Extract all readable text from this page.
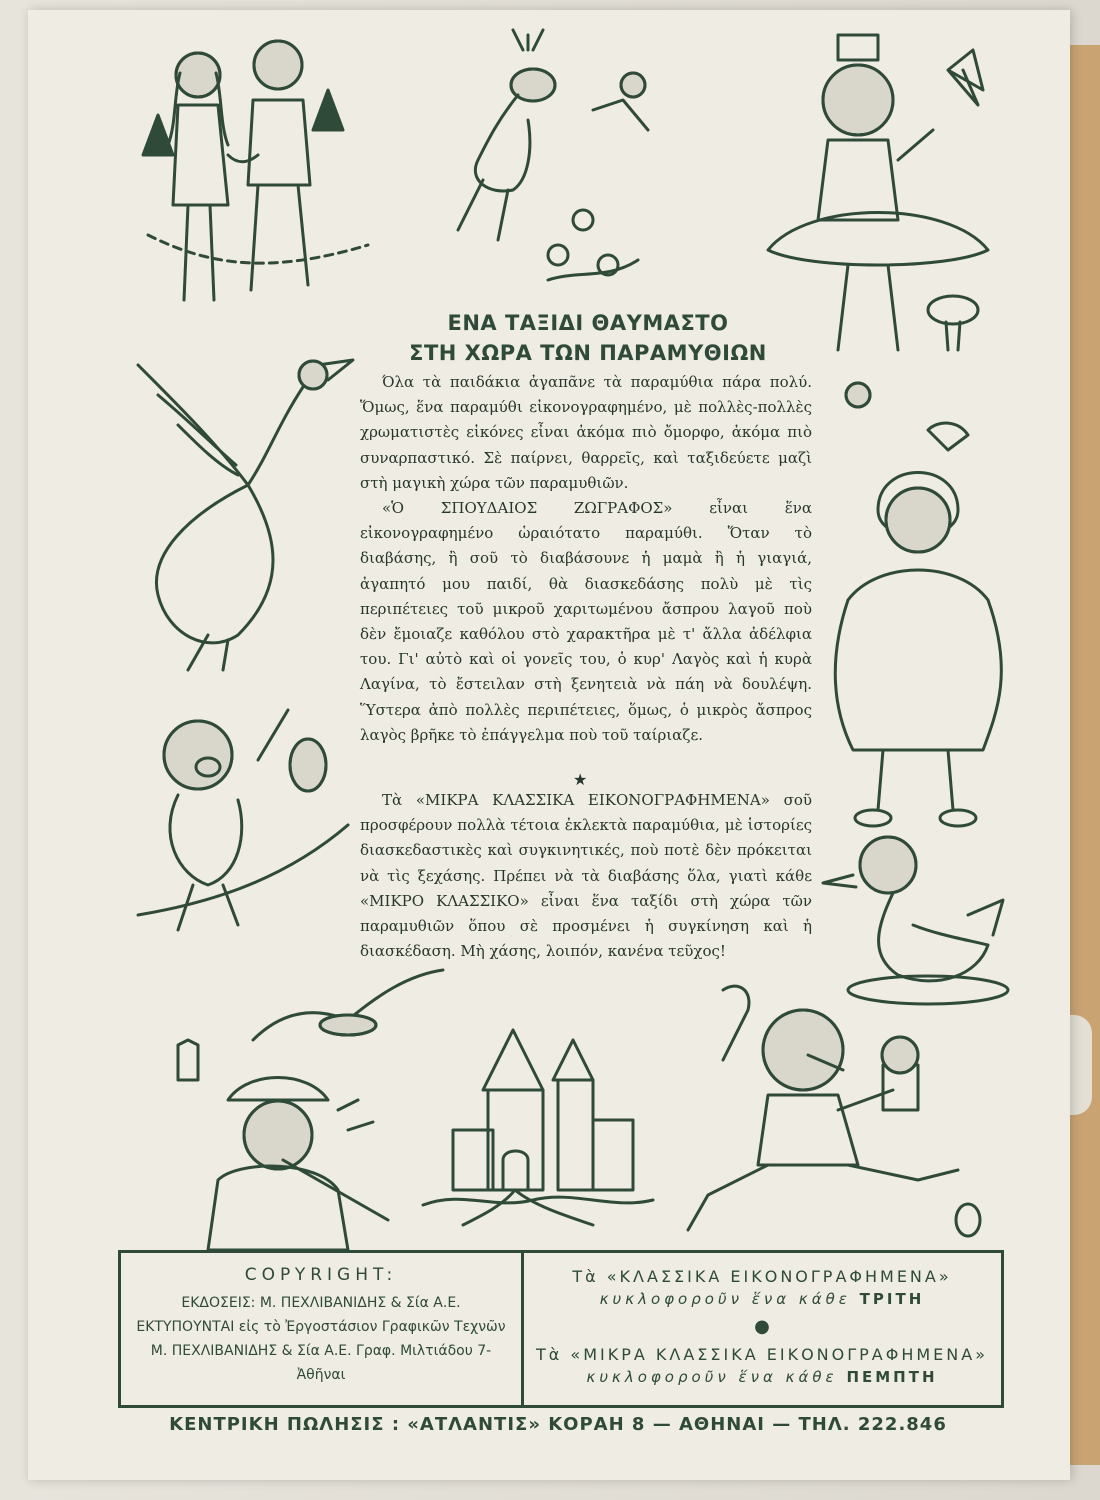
ΕΝΑ ΤΑΞΙΔΙ ΘΑΥΜΑΣΤΟ
ΣΤΗ ΧΩΡΑ ΤΩΝ ΠΑΡΑΜΥΘΙΩΝ

Όλα τὰ παιδάκια ἀγαπᾶνε τὰ παραμύθια πάρα πολύ. Ὅμως, ἕνα παραμύθι εἰκονογραφημένο, μὲ πολλὲς-πολλὲς χρωματιστὲς εἰκόνες εἶναι ἀκόμα πιὸ ὄμορφο, ἀκόμα πιὸ συναρπαστικό. Σὲ παίρνει, θαρρεῖς, καὶ ταξιδεύετε μαζὶ στὴ μαγικὴ χώρα τῶν παραμυθιῶν.

«Ὁ ΣΠΟΥΔΑΙΟΣ ΖΩΓΡΑΦΟΣ» εἶναι ἕνα εἰκονογραφημένο ὡραιότατο παραμύθι. Ὅταν τὸ διαβάσης, ἢ σοῦ τὸ διαβάσουνε ἡ μαμὰ ἢ ἡ γιαγιά, ἀγαπητό μου παιδί, θὰ διασκεδάσης πολὺ μὲ τὶς περιπέτειες τοῦ μικροῦ χαριτωμένου ἄσπρου λαγοῦ ποὺ δὲν ἔμοιαζε καθόλου στὸ χαρακτῆρα μὲ τ' ἄλλα ἀδέλφια του. Γι' αὐτὸ καὶ οἱ γονεῖς του, ὁ κυρ' Λαγὸς καὶ ἡ κυρὰ Λαγίνα, τὸ ἔστειλαν στὴ ξενητειὰ νὰ πάη νὰ δουλέψη. Ὕστερα ἀπὸ πολλὲς περιπέτειες, ὅμως, ὁ μικρὸς ἄσπρος λαγὸς βρῆκε τὸ ἐπάγγελμα ποὺ τοῦ ταίριαζε.

★

Τὰ «ΜΙΚΡΑ ΚΛΑΣΣΙΚΑ ΕΙΚΟΝΟΓΡΑΦΗΜΕΝΑ» σοῦ προσφέρουν πολλὰ τέτοια ἐκλεκτὰ παραμύθια, μὲ ἱστορίες διασκεδαστικὲς καὶ συγκινητικές, ποὺ ποτὲ δὲν πρόκειται νὰ τὶς ξεχάσης. Πρέπει νὰ τὰ διαβάσης ὅλα, γιατὶ κάθε «ΜΙΚΡΟ ΚΛΑΣΣΙΚΟ» εἶναι ἕνα ταξίδι στὴ χώρα τῶν παραμυθιῶν ὅπου σὲ προσμένει ἡ συγκίνηση καὶ ἡ διασκέδαση. Μὴ χάσης, λοιπόν, κανένα τεῦχος!

COPYRIGHT:
ΕΚΔΟΣΕΙΣ: Μ. ΠΕΧΛΙΒΑΝΙΔΗΣ & Σία Α.Ε.
ΕΚΤΥΠΟΥΝΤΑΙ εἰς τὸ Ἐργοστάσιον Γραφικῶν Τεχνῶν
Μ. ΠΕΧΛΙΒΑΝΙΔΗΣ & Σία Α.Ε. Γραφ. Μιλτιάδου 7-
Ἀθῆναι
Τὰ «ΚΛΑΣΣΙΚΑ ΕΙΚΟΝΟΓΡΑΦΗΜΕΝΑ»
κυκλοφοροῦν ἕνα κάθε ΤΡΙΤΗ
●
Τὰ «ΜΙΚΡΑ ΚΛΑΣΣΙΚΑ ΕΙΚΟΝΟΓΡΑΦΗΜΕΝΑ»
κυκλοφοροῦν ἕνα κάθε ΠΕΜΠΤΗ
ΚΕΝΤΡΙΚΗ ΠΩΛΗΣΙΣ : «ΑΤΛΑΝΤΙΣ» ΚΟΡΑΗ 8 — ΑΘΗΝΑΙ — ΤΗΛ. 222.846
